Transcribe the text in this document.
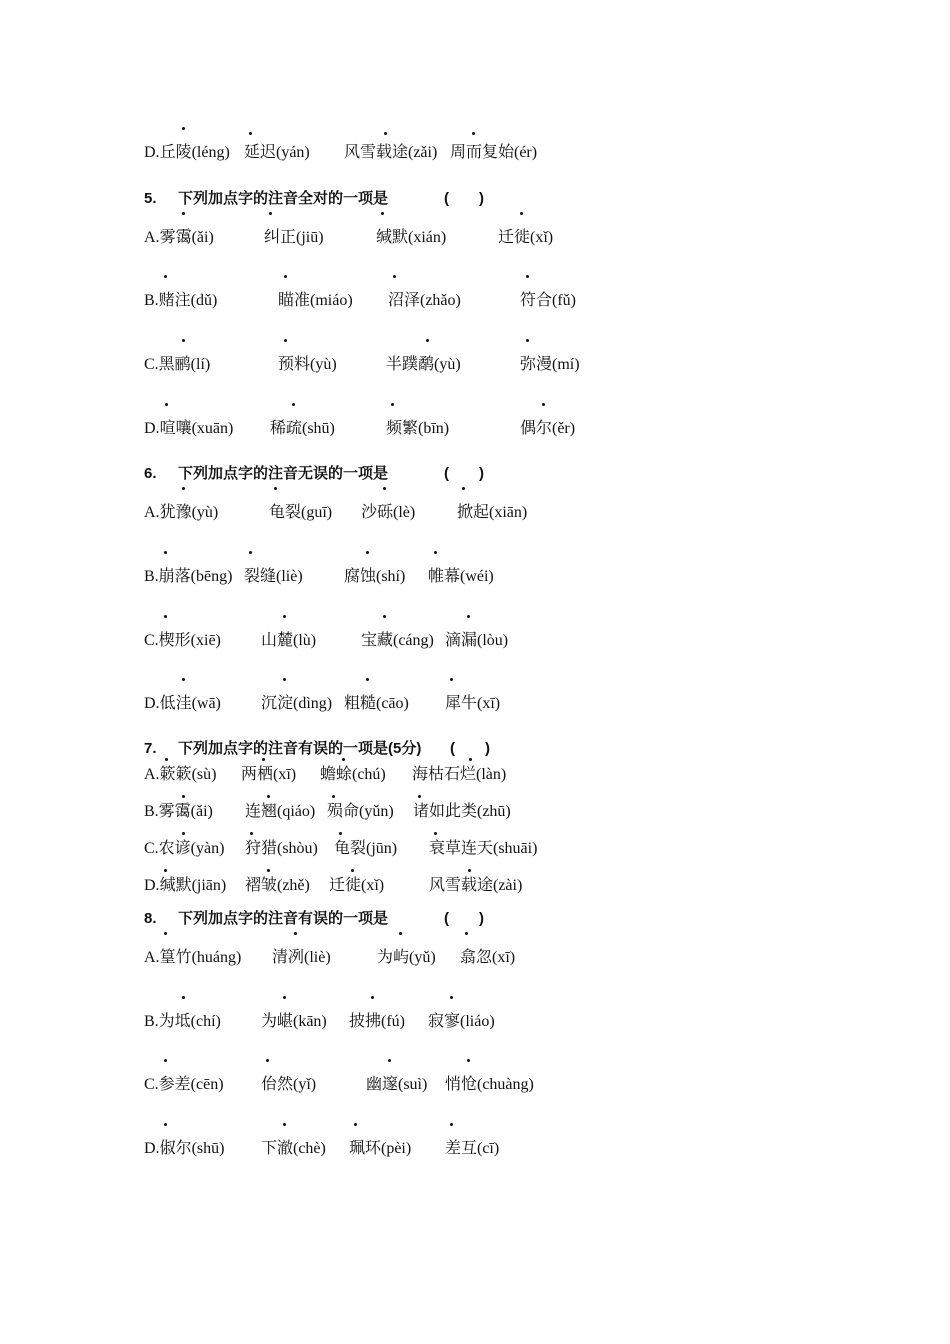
D.丘陵(léng) 延迟(yán) 风雪载途(zǎi) 周而复始(ér)
5. 下列加点字的注音全对的一项是	(　　)
A.雾霭(ǎi)	纠正(jiū)	缄默(xián)	迁徙(xǐ)
B.赌注(dǔ)	瞄准(miáo) 沼泽(zhǎo)	符合(fǔ)
C.黑鹂(lí)	预料(yù)	半蹼鹬(yù)	弥漫(mí)
D.喧嚷(xuān) 稀疏(shū)	频繁(bīn)	偶尔(ěr)
6. 下列加点字的注音无误的一项是	(　　)
A.犹豫(yù)	龟裂(guī) 沙砾(lè)	掀起(xiān)
B.崩落(bēng) 裂缝(liè)	腐蚀(shí) 帷幕(wéi)
C.楔形(xiē)	山麓(lù)	宝藏(cáng) 滴漏(lòu)
D.低洼(wā)	沉淀(dìng) 粗糙(cāo) 犀牛(xī)
7. 下列加点字的注音有误的一项是(5分) (　　)
A.簌簌(sù) 两栖(xī) 蟾蜍(chú) 海枯石烂(làn)
B.雾霭(ǎi) 连翘(qiáo) 殒命(yǔn) 诸如此类(zhū)
C.农谚(yàn) 狩猎(shòu) 龟裂(jūn) 衰草连天(shuāi)
D.缄默(jiān) 褶皱(zhě) 迁徙(xǐ)	风雪载途(zài)
8. 下列加点字的注音有误的一项是	(　　)
A.篁竹(huáng) 清冽(liè)	为屿(yǔ) 翕忽(xī)
B.为坻(chí)	为嵁(kān) 披拂(fú) 寂寥(liáo)
C.参差(cēn) 佁然(yǐ)	幽邃(suì) 悄怆(chuàng)
D.俶尔(shū) 下澈(chè) 珮环(pèi) 差互(cī)
